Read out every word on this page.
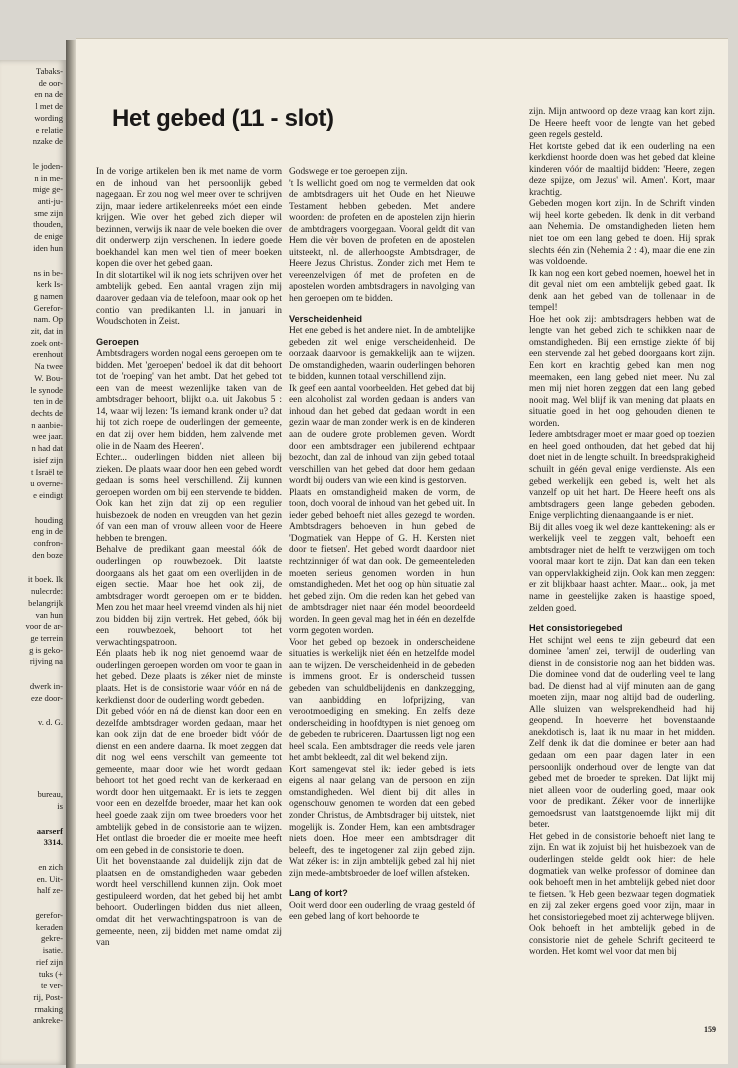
Tabaks-
de oor-
en na de
l met de
wording
e relatie
nzake de
le joden-
n in me-
mige ge-
anti-ju-
sme zijn
thouden,
de enige
iden hun
ns in be-
kerk Is-
g namen
Gerefor-
nam. Op
zit, dat in
zoek ont-
erenhout
Na twee
W. Bou-
le synode
ten in de
dechts de
n aanbie-
wee jaar.
n had dat
isief zijn
t Israël te
u overne-
e eindigt
houding
eng in de
confron-
den boze
it boek. Ik
nulecrde:
belangrijk
van hun
voor de ar-
ge terrein
g is geko-
rijving na
dwerk in-
eze door-
v. d. G.
bureau,
is
aarserf
3314.
en zich
en. Uit-
half ze-
gerefor-
keraden
gekre-
isatie.
rief zijn
tuks (+
te ver-
rij, Post-
rmaking
ankreke-
Het gebed (11 - slot)

In de vorige artikelen ben ik met name de vorm en de inhoud van het persoonlijk gebed nagegaan. Er zou nog wel meer over te schrijven zijn, maar iedere artikelenreeks móet een einde krijgen. Wie over het gebed zich dieper wil bezinnen, verwijs ik naar de vele boeken die over dit onderwerp zijn verschenen. In iedere goede boekhandel kan men wel tien of meer boeken kopen die over het gebed gaan.

In dit slotartikel wil ik nog iets schrijven over het ambtelijk gebed. Een aantal vragen zijn mij daarover gedaan via de telefoon, maar ook op het contio van predikanten l.l. in januari in Woudschoten in Zeist.

Geroepen

Ambtsdragers worden nogal eens geroepen om te bidden. Met 'geroepen' bedoel ik dat dit behoort tot de 'roeping' van het ambt. Dat het gebed tot een van de meest wezenlijke taken van de ambtsdrager behoort, blijkt o.a. uit Jakobus 5 : 14, waar wij lezen: 'Is iemand krank onder u? dat hij tot zich roepe de ouderlingen der gemeente, en dat zij over hem bidden, hem zalvende met olie in de Naam des Heeren'.

Echter... ouderlingen bidden niet alleen bij zieken. De plaats waar door hen een gebed wordt gedaan is soms heel verschillend. Zij kunnen geroepen worden om bij een stervende te bidden. Ook kan het zijn dat zij op een regulier huisbezoek de noden en vreugden van het gezin óf van een man of vrouw alleen voor de Heere hebben te brengen.

Behalve de predikant gaan meestal óók de ouderlingen op rouwbezoek. Dit laatste doorgaans als het gaat om een overlijden in de eigen sectie. Maar hoe het ook zij, de ambtsdrager wordt geroepen om er te bidden. Men zou het maar heel vreemd vinden als hij niet zou bidden bij zijn vertrek. Het gebed, óók bij een rouwbezoek, behoort tot het verwachtingspatroon.

Eén plaats heb ik nog niet genoemd waar de ouderlingen geroepen worden om voor te gaan in het gebed. Deze plaats is zéker niet de minste plaats. Het is de consistorie waar vóór en ná de kerkdienst door de ouderling wordt gebeden.

Dit gebed vóór en ná de dienst kan door een en dezelfde ambtsdrager worden gedaan, maar het kan ook zijn dat de ene broeder bidt vóór de dienst en een andere daarna. Ik moet zeggen dat dit nog wel eens verschilt van gemeente tot gemeente, maar door wie het wordt gedaan behoort tot het goed recht van de kerkeraad en wordt door hen uitgemaakt. Er is iets te zeggen voor een en dezelfde broeder, maar het kan ook heel goede zaak zijn om twee broeders voor het ambtelijk gebed in de consistorie aan te wijzen. Het ontlast die broeder die er moeite mee heeft om een gebed in de consistorie te doen.

Uit het bovenstaande zal duidelijk zijn dat de plaatsen en de omstandigheden waar gebeden wordt heel verschillend kunnen zijn. Ook moet gestipuleerd worden, dat het gebed bij het ambt behoort. Ouderlingen bidden dus niet alleen, omdat dit het verwachtingspatroon is van de gemeente, neen, zij bidden met name omdat zij van

Godswege er toe geroepen zijn.

't Is wellicht goed om nog te vermelden dat ook de ambtsdragers uit het Oude en het Nieuwe Testament hebben gebeden. Met andere woorden: de profeten en de apostelen zijn hierin de ambtdragers voorgegaan. Vooral geldt dit van Hem die vèr boven de profeten en de apostelen uitsteekt, nl. de allerhoogste Ambtsdrager, de Heere Jezus Christus. Zonder zich met Hem te vereenzelvigen óf met de profeten en de apostelen worden ambtsdragers in navolging van hen geroepen om te bidden.

Verscheidenheid

Het ene gebed is het andere niet. In de ambtelijke gebeden zit wel enige verscheidenheid. De oorzaak daarvoor is gemakkelijk aan te wijzen. De omstandigheden, waarin ouderlingen behoren te bidden, kunnen totaal verschillend zijn.

Ik geef een aantal voorbeelden. Het gebed dat bij een alcoholist zal worden gedaan is anders van inhoud dan het gebed dat gedaan wordt in een gezin waar de man zonder werk is en de kinderen aan de oudere grote problemen geven. Wordt door een ambtsdrager een jubilerend echtpaar bezocht, dan zal de inhoud van zijn gebed totaal verschillen van het gebed dat door hem gedaan wordt bij ouders van wie een kind is gestorven.

Plaats en omstandigheid maken de vorm, de toon, doch vooral de inhoud van het gebed uit. In ieder gebed behoeft niet alles gezegd te worden. Ambtsdragers behoeven in hun gebed de 'Dogmatiek van Heppe of G. H. Kersten niet door te fietsen'. Het gebed wordt daardoor niet rechtzinniger óf wat dan ook. De gemeenteleden moeten serieus genomen worden in hun omstandigheden. Met het oog op hùn situatie zal het gebed zijn. Om die reden kan het gebed van de ambtsdrager niet naar één model beoordeeld worden. In geen geval mag het in één en dezelfde vorm gegoten worden.

Voor het gebed op bezoek in onderscheidene situaties is werkelijk niet één en hetzelfde model aan te wijzen. De verscheidenheid in de gebeden is immens groot. Er is onderscheid tussen gebeden van schuldbelijdenis en dankzegging, van aanbidding en lofprijzing, van verootmoediging en smeking. En zelfs deze onderscheiding in hoofdtypen is niet genoeg om de gebeden te rubriceren. Daartussen ligt nog een heel scala. Een ambtsdrager die reeds vele jaren het ambt bekleedt, zal dit wel bekend zijn.

Kort samengevat stel ik: ieder gebed is iets eigens al naar gelang van de persoon en zijn omstandigheden. Wel dient bij dit alles in ogenschouw genomen te worden dat een gebed zonder Christus, de Ambtsdrager bij uitstek, niet mogelijk is. Zonder Hem, kan een ambtsdrager niets doen. Hoe meer een ambtsdrager dit beleeft, des te ingetogener zal zijn gebed zijn. Wat zéker is: in zijn ambtelijk gebed zal hij niet zijn mede-ambtsbroeder de loef willen afsteken.

Lang of kort?

Ooit werd door een ouderling de vraag gesteld óf een gebed lang of kort behoorde te

zijn. Mijn antwoord op deze vraag kan kort zijn. De Heere heeft voor de lengte van het gebed geen regels gesteld.

Het kortste gebed dat ik een ouderling na een kerkdienst hoorde doen was het gebed dat kleine kinderen vóór de maaltijd bidden: 'Heere, zegen deze spijze, om Jezus' wil. Amen'. Kort, maar krachtig.

Gebeden mogen kort zijn. In de Schrift vinden wij heel korte gebeden. Ik denk in dit verband aan Nehemia. De omstandigheden lieten hem niet toe om een lang gebed te doen. Hij sprak slechts één zin (Nehemia 2 : 4), maar die ene zin was voldoende.

Ik kan nog een kort gebed noemen, hoewel het in dit geval niet om een ambtelijk gebed gaat. Ik denk aan het gebed van de tollenaar in de tempel!

Hoe het ook zij: ambtsdragers hebben wat de lengte van het gebed zich te schikken naar de omstandigheden. Bij een ernstige ziekte óf bij een stervende zal het gebed doorgaans kort zijn. Een kort en krachtig gebed kan men nog meemaken, een lang gebed niet meer. Nu zal men mij niet horen zeggen dat een lang gebed nooit mag. Wel blijf ik van mening dat plaats en situatie goed in het oog gehouden dienen te worden.

Iedere ambtsdrager moet er maar goed op toezien en heel goed onthouden, dat het gebed dat hij doet niet in de lengte schuilt. In breedsprakigheid schuilt in géén geval enige verdienste. Als een gebed werkelijk een gebed is, welt het als vanzelf op uit het hart. De Heere heeft ons als ambtsdragers geen lange gebeden geboden. Enige verplichting dienaangaande is er niet.

Bij dit alles voeg ik wel deze kanttekening: als er werkelijk veel te zeggen valt, behoeft een ambtsdrager niet de helft te verzwijgen om toch vooral maar kort te zijn. Dat kan dan een teken van oppervlakkigheid zijn. Ook kan men zeggen: er zit blijkbaar haast achter. Maar... ook, ja met name in geestelijke zaken is haastige spoed, zelden goed.

Het consistoriegebed

Het schijnt wel eens te zijn gebeurd dat een dominee 'amen' zei, terwijl de ouderling van dienst in de consistorie nog aan het bidden was. Die dominee vond dat de ouderling veel te lang bad. De dienst had al vijf minuten aan de gang moeten zijn, maar nog altijd bad de ouderling. Alle sluizen van welsprekendheid had hij geopend. In hoeverre het bovenstaande anekdotisch is, laat ik nu maar in het midden. Zelf denk ik dat die dominee er beter aan had gedaan om een paar dagen later in een persoonlijk onderhoud over de lengte van dat gebed met de broeder te spreken. Dat lijkt mij niet alleen voor de ouderling goed, maar ook voor de predikant. Zéker voor de innerlijke gemoedsrust van laatstgenoemde lijkt mij dit beter.

Het gebed in de consistorie behoeft niet lang te zijn. En wat ik zojuist bij het huisbezoek van de ouderlingen stelde geldt ook hier: de hele dogmatiek van welke professor of dominee dan ook behoeft men in het ambtelijk gebed niet door te fietsen. 'k Heb geen bezwaar tegen dogmatiek en zij zal zeker ergens goed voor zijn, maar in het consistoriegebed moet zij achterwege blijven.

Ook behoeft in het ambtelijk gebed in de consistorie niet de gehele Schrift geciteerd te worden. Het komt wel voor dat men bij

159
